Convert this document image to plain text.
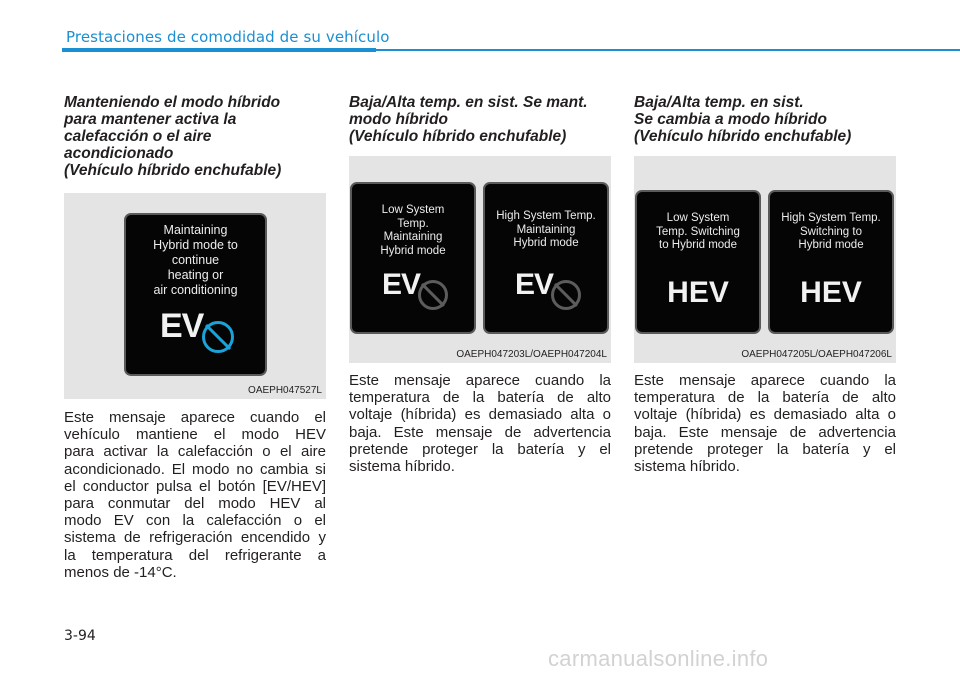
Prestaciones de comodidad de su vehículo
Manteniendo el modo híbrido
para mantener activa la
calefacción o el aire
acondicionado
(Vehículo híbrido enchufable)
Maintaining
Hybrid mode to
continue
heating or
air conditioning
EV
OAEPH047527L
Este mensaje aparece cuando el
vehículo mantiene el modo HEV
para activar la calefacción o el aire
acondicionado. El modo no cambia si
el conductor pulsa el botón [EV/HEV]
para conmutar del modo HEV al
modo EV con la calefacción o el
sistema de refrigeración encendido y
la temperatura del refrigerante a
menos de -14°C.
Baja/Alta temp. en sist. Se mant.
modo híbrido
(Vehículo híbrido enchufable)
Low System
Temp.
Maintaining
Hybrid mode
EV
High System Temp.
Maintaining
Hybrid mode
EV
OAEPH047203L/OAEPH047204L
Este mensaje aparece cuando la
temperatura de la batería de alto
voltaje (híbrida) es demasiado alta o
baja. Este mensaje de advertencia
pretende proteger la batería y el
sistema híbrido.
Baja/Alta temp. en sist.
Se cambia a modo híbrido
(Vehículo híbrido enchufable)
Low System
Temp. Switching
to Hybrid mode
HEV
High System Temp.
Switching to
Hybrid mode
HEV
OAEPH047205L/OAEPH047206L
Este mensaje aparece cuando la
temperatura de la batería de alto
voltaje (híbrida) es demasiado alta o
baja. Este mensaje de advertencia
pretende proteger la batería y el
sistema híbrido.
3-94
carmanualsonline.info
